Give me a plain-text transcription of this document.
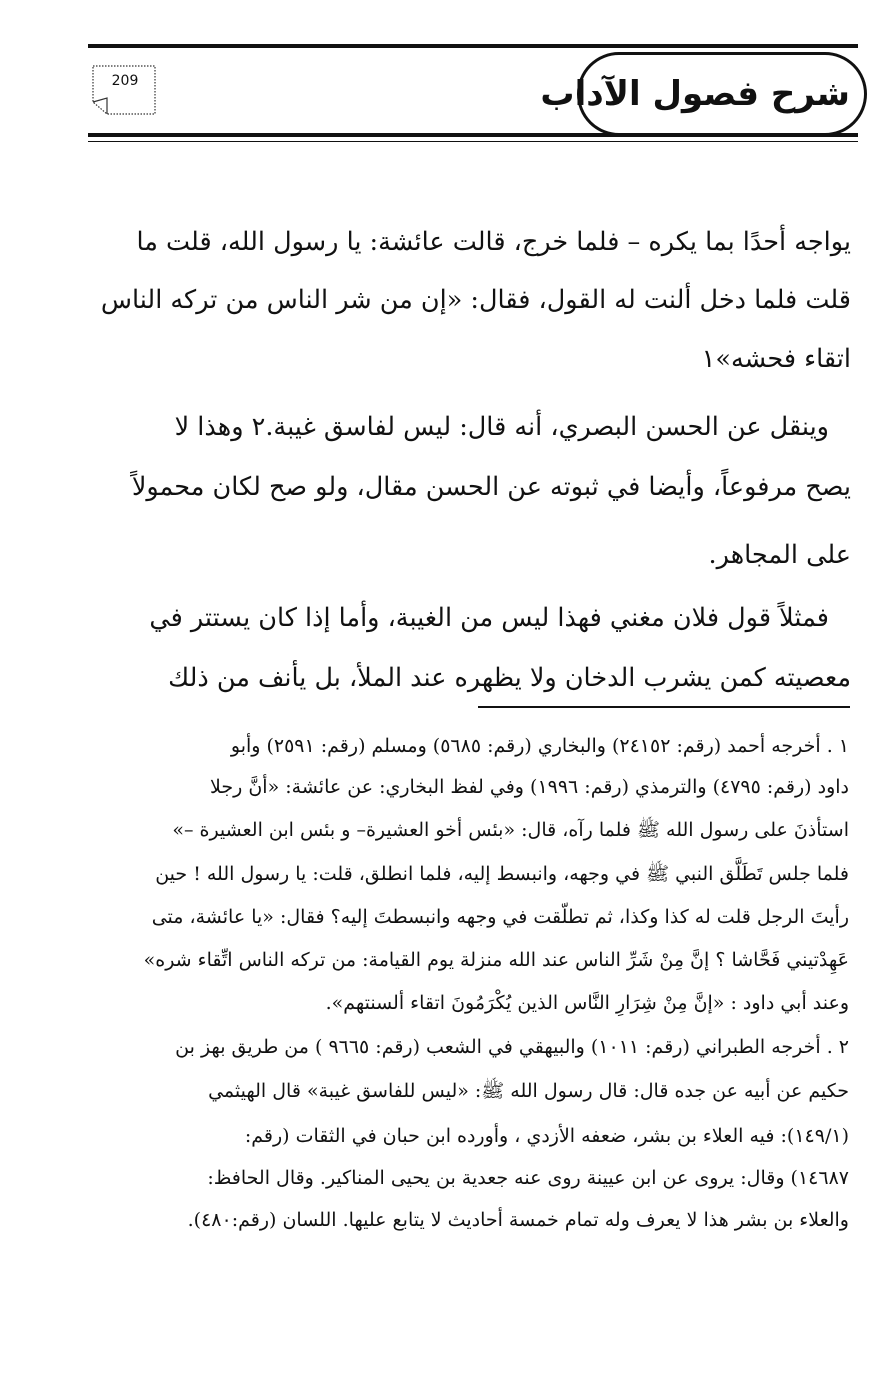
شرح فصول الآداب
209
يواجه أحدًا بما يكره – فلما خرج، قالت عائشة: يا رسول الله، قلت ما
قلت فلما دخل ألنت له القول، فقال: «إن من شر الناس من تركه الناس
اتقاء فحشه»١
وينقل عن الحسن البصري، أنه قال: ليس لفاسق غيبة.٢ وهذا لا
يصح مرفوعاً، وأيضا في ثبوته عن الحسن مقال، ولو صح لكان محمولاً
على المجاهر.
فمثلاً قول فلان مغني فهذا ليس من الغيبة، وأما إذا كان يستتر في
معصيته كمن يشرب الدخان ولا يظهره عند الملأ، بل يأنف من ذلك
١ . أخرجه أحمد (رقم: ٢٤١٥٢) والبخاري (رقم: ٥٦٨٥) ومسلم (رقم: ٢٥٩١) وأبو
داود (رقم: ٤٧٩٥) والترمذي (رقم: ١٩٩٦) وفي لفظ البخاري: عن عائشة: «أنَّ رجلا
استأذنَ على رسول الله ﷺ فلما رآه، قال: «بئس أخو العشيرة– و بئس ابن العشيرة –»
فلما جلس تَطَلَّق النبي ﷺ في وجهه، وانبسط إليه، فلما انطلق، قلت: يا رسول الله ! حين
رأيتَ الرجل قلت له كذا وكذا، ثم تطلّقت في وجهه وانبسطتَ إليه؟ فقال: «يا عائشة، متى
عَهِدْتيني فَحَّاشا ؟ إنَّ مِنْ شَرِّ الناس عند الله منزلة يوم القيامة: من تركه الناس اتِّقاء شره»
وعند أبي داود : «إنَّ مِنْ شِرَارِ النَّاس الذين يُكْرَمُونَ اتقاء ألسنتهم».
٢ . أخرجه الطبراني (رقم: ١٠١١) والبيهقي في الشعب (رقم: ٩٦٦٥ ) من طريق بهز بن
حكيم عن أبيه عن جده قال: قال رسول الله ﷺ: «ليس للفاسق غيبة» قال الهيثمي
(١٤٩/١): فيه العلاء بن بشر، ضعفه الأزدي ، وأورده ابن حبان في الثقات (رقم:
١٤٦٨٧) وقال: يروى عن ابن عيينة روى عنه جعدية بن يحيى المناكير. وقال الحافظ:
والعلاء بن بشر هذا لا يعرف وله تمام خمسة أحاديث لا يتابع عليها. اللسان (رقم:٤٨٠).
